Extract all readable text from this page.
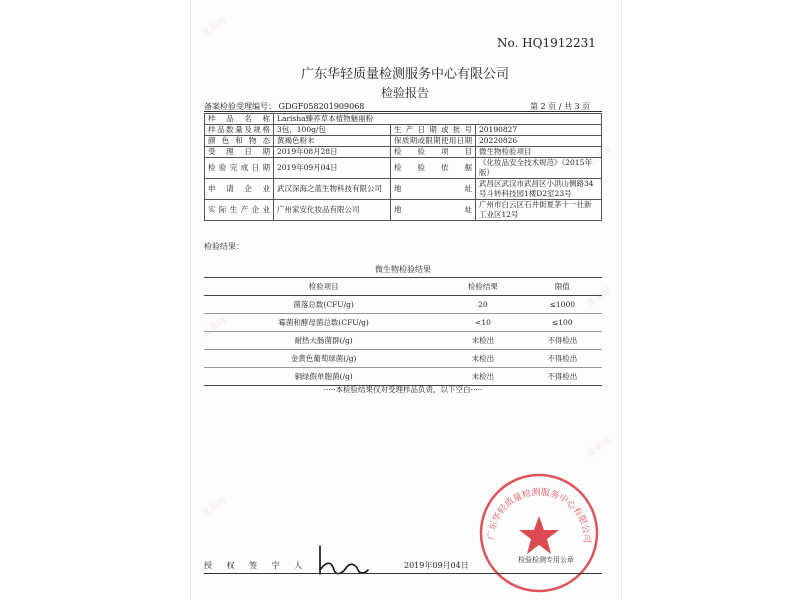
优茶网
优茶网
优茶网
优茶网
优茶网
优茶网
No. HQ1912231
广东华轻质量检测服务中心有限公司
检验报告
备案检验受理编号： GDGF058201909068	第 2 页 / 共 3 页
样 品 名 称	Larisha臻荞草本植物魅丽粉		
样品数量及规格	3包，100g/包	生 产 日 期 或 批 号	20190827
颜 色 和 物 态	黄褐色粉末	保质期或限期使用日期	20220826
受 理 日 期	2019年08月28日	检 验 项 目	微生物检验项目
检 验 完 成 日 期	2019年09月04日	检 验 依 据	《化妆品安全技术规范》（2015年版）
申 请 企 业	武汉深海之蓝生物科技有限公司	地 址	武昌区武汉市武昌区小洪山侧路34号斗转科技园1楼D2室23号
实际生产企业	广州家安化妆品有限公司	地 址	广州市白云区石井街夏茅十一社新工业区12号
检验结果：
微生物检验结果
检验项目	检验结果	限值
菌落总数(CFU/g)	20	≤1000
霉菌和酵母菌总数(CFU/g)	<10	≤100
耐热大肠菌群(/g)	未检出	不得检出
金黄色葡萄球菌(/g)	未检出	不得检出
铜绿假单胞菌(/g)	未检出	不得检出
·····本检验结果仅对受理样品负责，以下空白·····
广东华轻质量检测服务中心有限公司
授 权 签 字 人	2019年09月04日
检验检测专用公章
